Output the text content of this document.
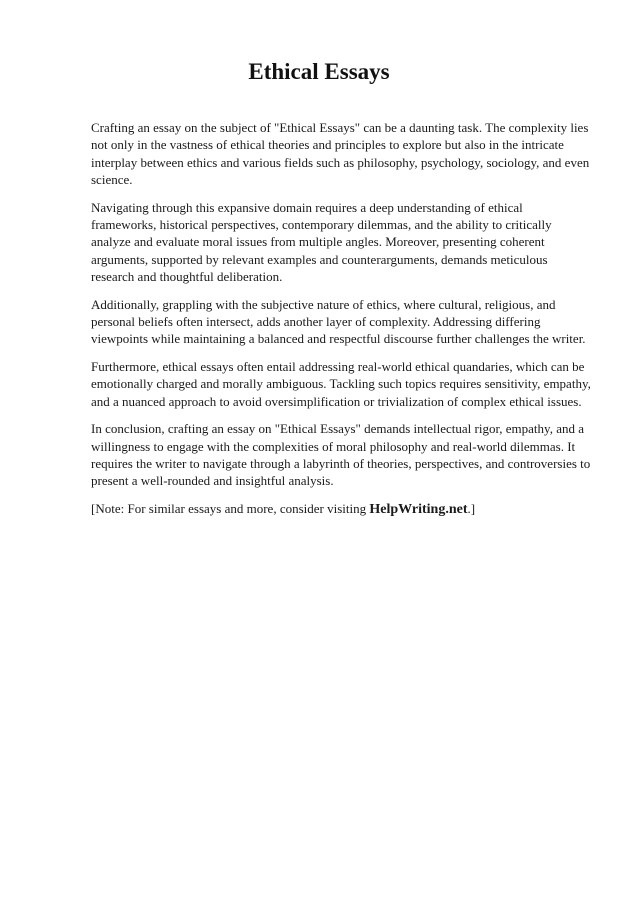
Ethical Essays

Crafting an essay on the subject of "Ethical Essays" can be a daunting task. The complexity lies not only in the vastness of ethical theories and principles to explore but also in the intricate interplay between ethics and various fields such as philosophy, psychology, sociology, and even science.

Navigating through this expansive domain requires a deep understanding of ethical frameworks, historical perspectives, contemporary dilemmas, and the ability to critically analyze and evaluate moral issues from multiple angles. Moreover, presenting coherent arguments, supported by relevant examples and counterarguments, demands meticulous research and thoughtful deliberation.

Additionally, grappling with the subjective nature of ethics, where cultural, religious, and personal beliefs often intersect, adds another layer of complexity. Addressing differing viewpoints while maintaining a balanced and respectful discourse further challenges the writer.

Furthermore, ethical essays often entail addressing real-world ethical quandaries, which can be emotionally charged and morally ambiguous. Tackling such topics requires sensitivity, empathy, and a nuanced approach to avoid oversimplification or trivialization of complex ethical issues.

In conclusion, crafting an essay on "Ethical Essays" demands intellectual rigor, empathy, and a willingness to engage with the complexities of moral philosophy and real-world dilemmas. It requires the writer to navigate through a labyrinth of theories, perspectives, and controversies to present a well-rounded and insightful analysis.

[Note: For similar essays and more, consider visiting HelpWriting.net.]
